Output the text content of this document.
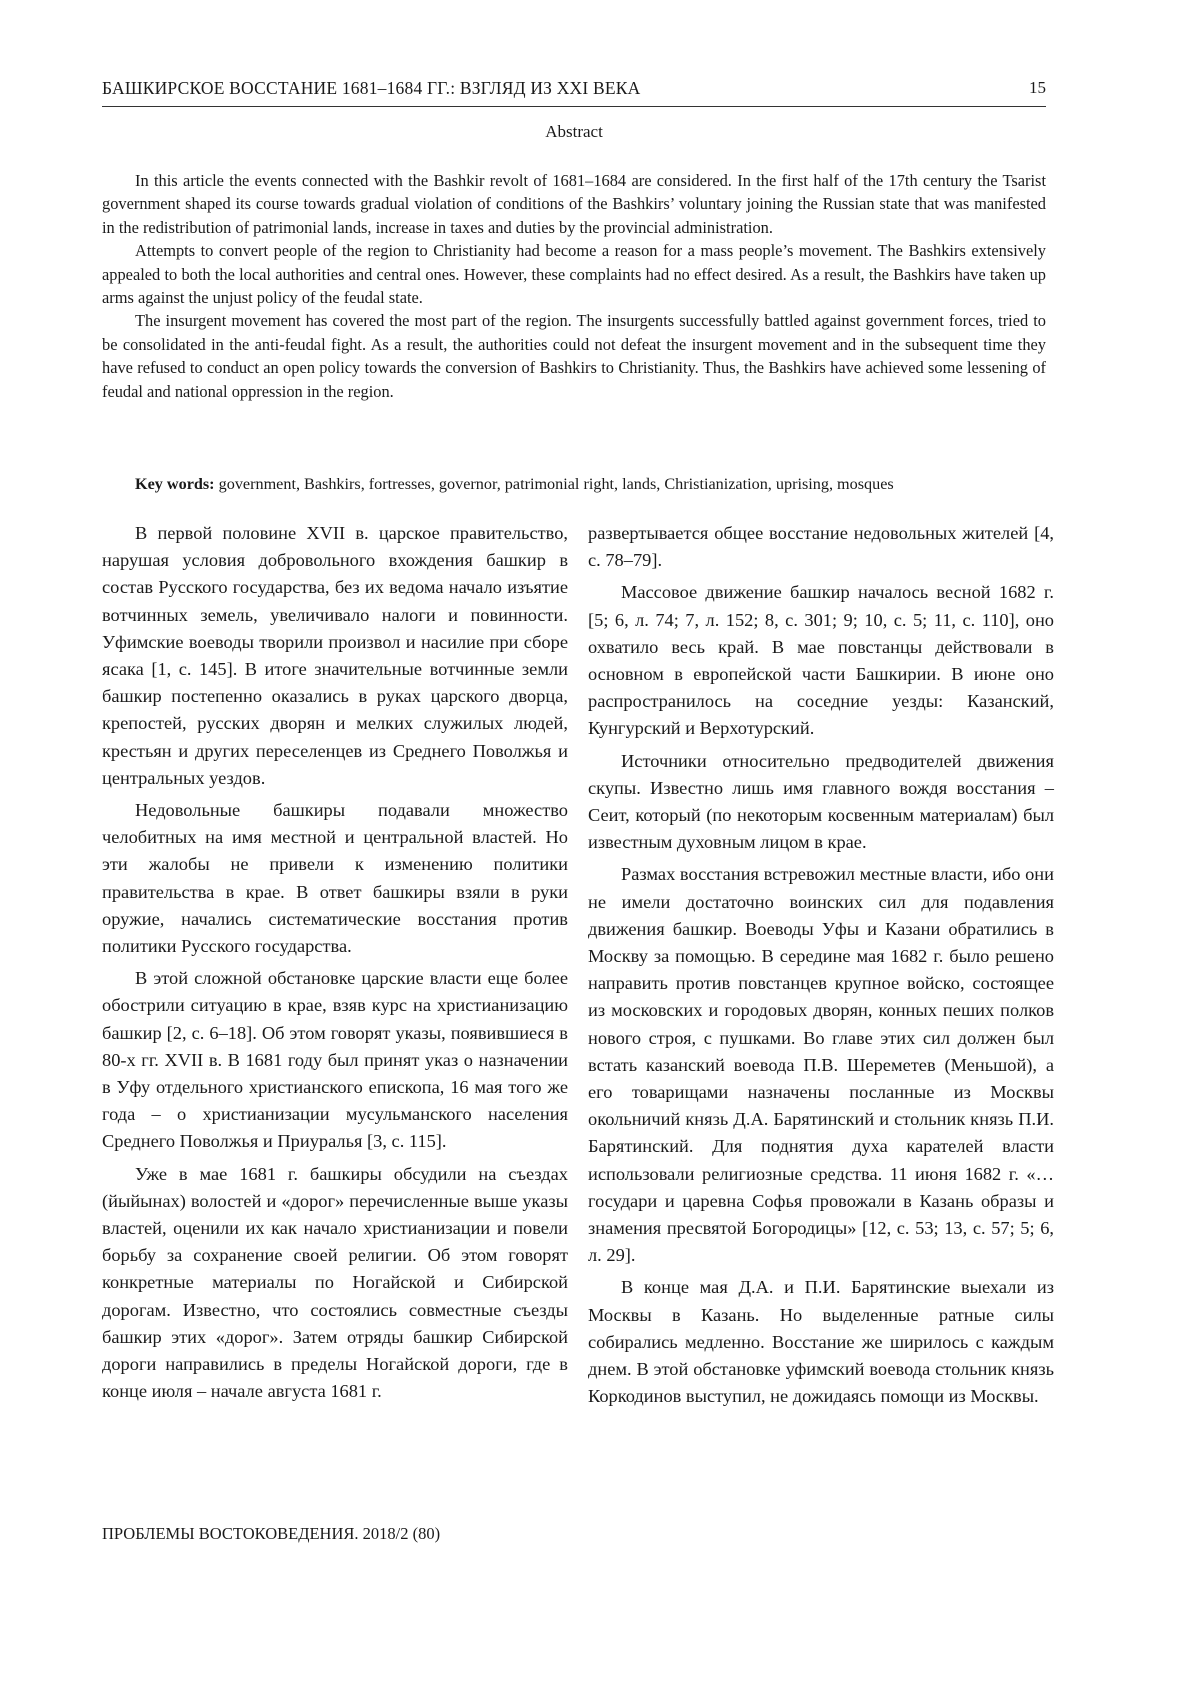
БАШКИРСКОЕ ВОССТАНИЕ 1681–1684 ГГ.: ВЗГЛЯД ИЗ XXI ВЕКА	15
Abstract

In this article the events connected with the Bashkir revolt of 1681–1684 are considered. In the first half of the 17th century the Tsarist government shaped its course towards gradual violation of conditions of the Bashkirs’ voluntary joining the Russian state that was manifested in the redistribution of patrimonial lands, increase in taxes and duties by the provincial administration.

Attempts to convert people of the region to Christianity had become a reason for a mass people’s movement. The Bashkirs extensively appealed to both the local authorities and central ones. However, these complaints had no effect desired. As a result, the Bashkirs have taken up arms against the unjust policy of the feudal state.

The insurgent movement has covered the most part of the region. The insurgents successfully battled against government forces, tried to be consolidated in the anti-feudal fight. As a result, the authorities could not defeat the insurgent movement and in the subsequent time they have refused to conduct an open policy towards the conversion of Bashkirs to Christianity. Thus, the Bashkirs have achieved some lessening of feudal and national oppression in the region.

Key words: government, Bashkirs, fortresses, governor, patrimonial right, lands, Christianization, uprising, mosques

В первой половине XVII в. царское правительство, нарушая условия добровольного вхождения башкир в состав Русского государства, без их ведома начало изъятие вотчинных земель, увеличивало налоги и повинности. Уфимские воеводы творили произвол и насилие при сборе ясака [1, с. 145]. В итоге значительные вотчинные земли башкир постепенно оказались в руках царского дворца, крепостей, русских дворян и мелких служилых людей, крестьян и других переселенцев из Среднего Поволжья и центральных уездов.

Недовольные башкиры подавали множество челобитных на имя местной и центральной властей. Но эти жалобы не привели к изменению политики правительства в крае. В ответ башкиры взяли в руки оружие, начались систематические восстания против политики Русского государства.

В этой сложной обстановке царские власти еще более обострили ситуацию в крае, взяв курс на христианизацию башкир [2, с. 6–18]. Об этом говорят указы, появившиеся в 80-х гг. XVII в. В 1681 году был принят указ о назначении в Уфу отдельного христианского епископа, 16 мая того же года – о христианизации мусульманского населения Среднего Поволжья и Приуралья [3, с. 115].

Уже в мае 1681 г. башкиры обсудили на съездах (йыйынах) волостей и «дорог» перечисленные выше указы властей, оценили их как начало христианизации и повели борьбу за сохранение своей религии. Об этом говорят конкретные материалы по Ногайской и Сибирской дорогам. Известно, что состоялись совместные съезды башкир этих «дорог». Затем отряды башкир Сибирской дороги направились в пределы Ногайской дороги, где в конце июля – начале августа 1681 г.

развертывается общее восстание недовольных жителей [4, с. 78–79].

Массовое движение башкир началось весной 1682 г. [5; 6, л. 74; 7, л. 152; 8, с. 301; 9; 10, с. 5; 11, с. 110], оно охватило весь край. В мае повстанцы действовали в основном в европейской части Башкирии. В июне оно распространилось на соседние уезды: Казанский, Кунгурский и Верхотурский.

Источники относительно предводителей движения скупы. Известно лишь имя главного вождя восстания – Сеит, который (по некоторым косвенным материалам) был известным духовным лицом в крае.

Размах восстания встревожил местные власти, ибо они не имели достаточно воинских сил для подавления движения башкир. Воеводы Уфы и Казани обратились в Москву за помощью. В середине мая 1682 г. было решено направить против повстанцев крупное войско, состоящее из московских и городовых дворян, конных пеших полков нового строя, с пушками. Во главе этих сил должен был встать казанский воевода П.В. Шереметев (Меньшой), а его товарищами назначены посланные из Москвы окольничий князь Д.А. Барятинский и стольник князь П.И. Барятинский. Для поднятия духа карателей власти использовали религиозные средства. 11 июня 1682 г. «… государи и царевна Софья провожали в Казань образы и знамения пресвятой Богородицы» [12, с. 53; 13, с. 57; 5; 6, л. 29].

В конце мая Д.А. и П.И. Барятинские выехали из Москвы в Казань. Но выделенные ратные силы собирались медленно. Восстание же ширилось с каждым днем. В этой обстановке уфимский воевода стольник князь Коркодинов выступил, не дожидаясь помощи из Москвы.

ПРОБЛЕМЫ ВОСТОКОВЕДЕНИЯ. 2018/2 (80)
